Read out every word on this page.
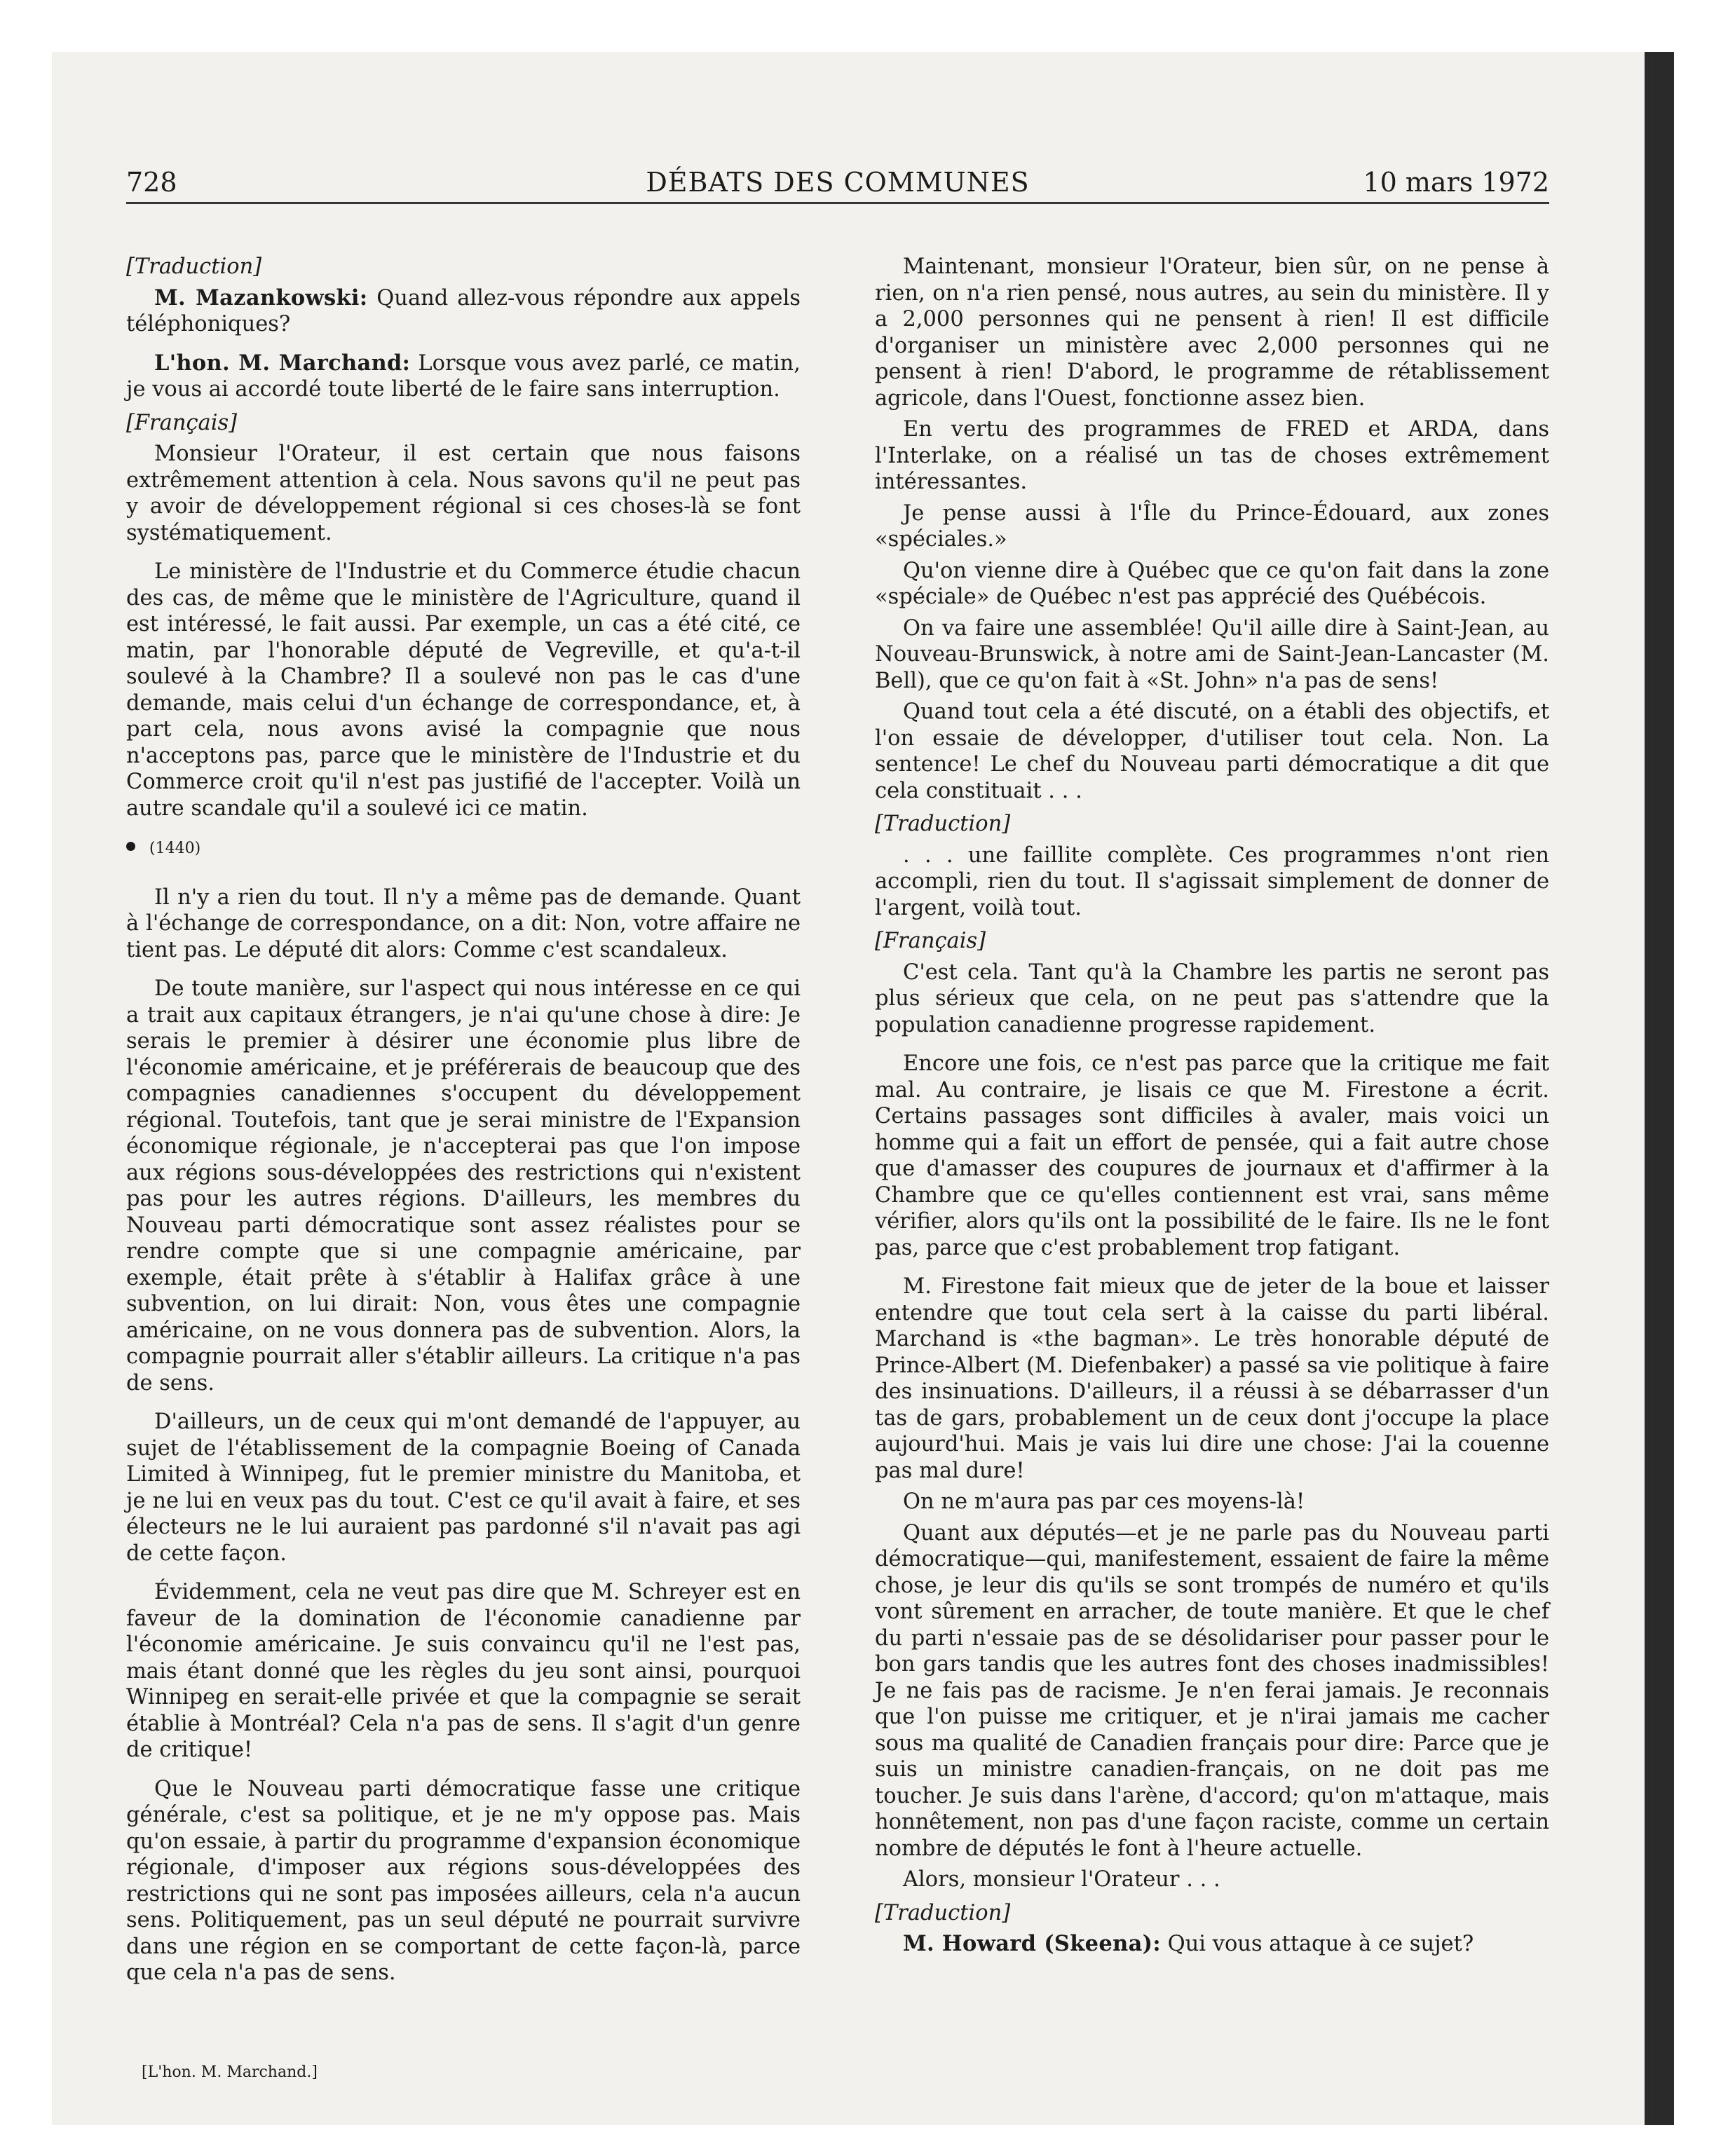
728	DÉBATS DES COMMUNES	10 mars 1972

[Traduction]

M. Mazankowski: Quand allez-vous répondre aux appels téléphoniques?

L'hon. M. Marchand: Lorsque vous avez parlé, ce matin, je vous ai accordé toute liberté de le faire sans interruption.

[Français]

Monsieur l'Orateur, il est certain que nous faisons extrêmement attention à cela. Nous savons qu'il ne peut pas y avoir de développement régional si ces choses-là se font systématiquement.

Le ministère de l'Industrie et du Commerce étudie chacun des cas, de même que le ministère de l'Agriculture, quand il est intéressé, le fait aussi. Par exemple, un cas a été cité, ce matin, par l'honorable député de Vegreville, et qu'a-t-il soulevé à la Chambre? Il a soulevé non pas le cas d'une demande, mais celui d'un échange de correspondance, et, à part cela, nous avons avisé la compagnie que nous n'acceptons pas, parce que le ministère de l'Industrie et du Commerce croit qu'il n'est pas justifié de l'accepter. Voilà un autre scandale qu'il a soulevé ici ce matin.

(1440)

Il n'y a rien du tout. Il n'y a même pas de demande. Quant à l'échange de correspondance, on a dit: Non, votre affaire ne tient pas. Le député dit alors: Comme c'est scandaleux.

De toute manière, sur l'aspect qui nous intéresse en ce qui a trait aux capitaux étrangers, je n'ai qu'une chose à dire: Je serais le premier à désirer une économie plus libre de l'économie américaine, et je préférerais de beaucoup que des compagnies canadiennes s'occupent du développement régional. Toutefois, tant que je serai ministre de l'Expansion économique régionale, je n'accepterai pas que l'on impose aux régions sous-développées des restrictions qui n'existent pas pour les autres régions. D'ailleurs, les membres du Nouveau parti démocratique sont assez réalistes pour se rendre compte que si une compagnie américaine, par exemple, était prête à s'établir à Halifax grâce à une subvention, on lui dirait: Non, vous êtes une compagnie américaine, on ne vous donnera pas de subvention. Alors, la compagnie pourrait aller s'établir ailleurs. La critique n'a pas de sens.

D'ailleurs, un de ceux qui m'ont demandé de l'appuyer, au sujet de l'établissement de la compagnie Boeing of Canada Limited à Winnipeg, fut le premier ministre du Manitoba, et je ne lui en veux pas du tout. C'est ce qu'il avait à faire, et ses électeurs ne le lui auraient pas pardonné s'il n'avait pas agi de cette façon.

Évidemment, cela ne veut pas dire que M. Schreyer est en faveur de la domination de l'économie canadienne par l'économie américaine. Je suis convaincu qu'il ne l'est pas, mais étant donné que les règles du jeu sont ainsi, pourquoi Winnipeg en serait-elle privée et que la compagnie se serait établie à Montréal? Cela n'a pas de sens. Il s'agit d'un genre de critique!

Que le Nouveau parti démocratique fasse une critique générale, c'est sa politique, et je ne m'y oppose pas. Mais qu'on essaie, à partir du programme d'expansion économique régionale, d'imposer aux régions sous-développées des restrictions qui ne sont pas imposées ailleurs, cela n'a aucun sens. Politiquement, pas un seul député ne pourrait survivre dans une région en se comportant de cette façon-là, parce que cela n'a pas de sens.

Maintenant, monsieur l'Orateur, bien sûr, on ne pense à rien, on n'a rien pensé, nous autres, au sein du ministère. Il y a 2,000 personnes qui ne pensent à rien! Il est difficile d'organiser un ministère avec 2,000 personnes qui ne pensent à rien! D'abord, le programme de rétablissement agricole, dans l'Ouest, fonctionne assez bien.

En vertu des programmes de FRED et ARDA, dans l'Interlake, on a réalisé un tas de choses extrêmement intéressantes.

Je pense aussi à l'Île du Prince-Édouard, aux zones «spéciales.»

Qu'on vienne dire à Québec que ce qu'on fait dans la zone «spéciale» de Québec n'est pas apprécié des Québécois.

On va faire une assemblée! Qu'il aille dire à Saint-Jean, au Nouveau-Brunswick, à notre ami de Saint-Jean-Lancaster (M. Bell), que ce qu'on fait à «St. John» n'a pas de sens!

Quand tout cela a été discuté, on a établi des objectifs, et l'on essaie de développer, d'utiliser tout cela. Non. La sentence! Le chef du Nouveau parti démocratique a dit que cela constituait . . .

[Traduction]

. . . une faillite complète. Ces programmes n'ont rien accompli, rien du tout. Il s'agissait simplement de donner de l'argent, voilà tout.

[Français]

C'est cela. Tant qu'à la Chambre les partis ne seront pas plus sérieux que cela, on ne peut pas s'attendre que la population canadienne progresse rapidement.

Encore une fois, ce n'est pas parce que la critique me fait mal. Au contraire, je lisais ce que M. Firestone a écrit. Certains passages sont difficiles à avaler, mais voici un homme qui a fait un effort de pensée, qui a fait autre chose que d'amasser des coupures de journaux et d'affirmer à la Chambre que ce qu'elles contiennent est vrai, sans même vérifier, alors qu'ils ont la possibilité de le faire. Ils ne le font pas, parce que c'est probablement trop fatigant.

M. Firestone fait mieux que de jeter de la boue et laisser entendre que tout cela sert à la caisse du parti libéral. Marchand is «the bagman». Le très honorable député de Prince-Albert (M. Diefenbaker) a passé sa vie politique à faire des insinuations. D'ailleurs, il a réussi à se débarrasser d'un tas de gars, probablement un de ceux dont j'occupe la place aujourd'hui. Mais je vais lui dire une chose: J'ai la couenne pas mal dure!

On ne m'aura pas par ces moyens-là!

Quant aux députés—et je ne parle pas du Nouveau parti démocratique—qui, manifestement, essaient de faire la même chose, je leur dis qu'ils se sont trompés de numéro et qu'ils vont sûrement en arracher, de toute manière. Et que le chef du parti n'essaie pas de se désolidariser pour passer pour le bon gars tandis que les autres font des choses inadmissibles! Je ne fais pas de racisme. Je n'en ferai jamais. Je reconnais que l'on puisse me critiquer, et je n'irai jamais me cacher sous ma qualité de Canadien français pour dire: Parce que je suis un ministre canadien-français, on ne doit pas me toucher. Je suis dans l'arène, d'accord; qu'on m'attaque, mais honnêtement, non pas d'une façon raciste, comme un certain nombre de députés le font à l'heure actuelle.

Alors, monsieur l'Orateur . . .

[Traduction]

M. Howard (Skeena): Qui vous attaque à ce sujet?

[L'hon. M. Marchand.]
